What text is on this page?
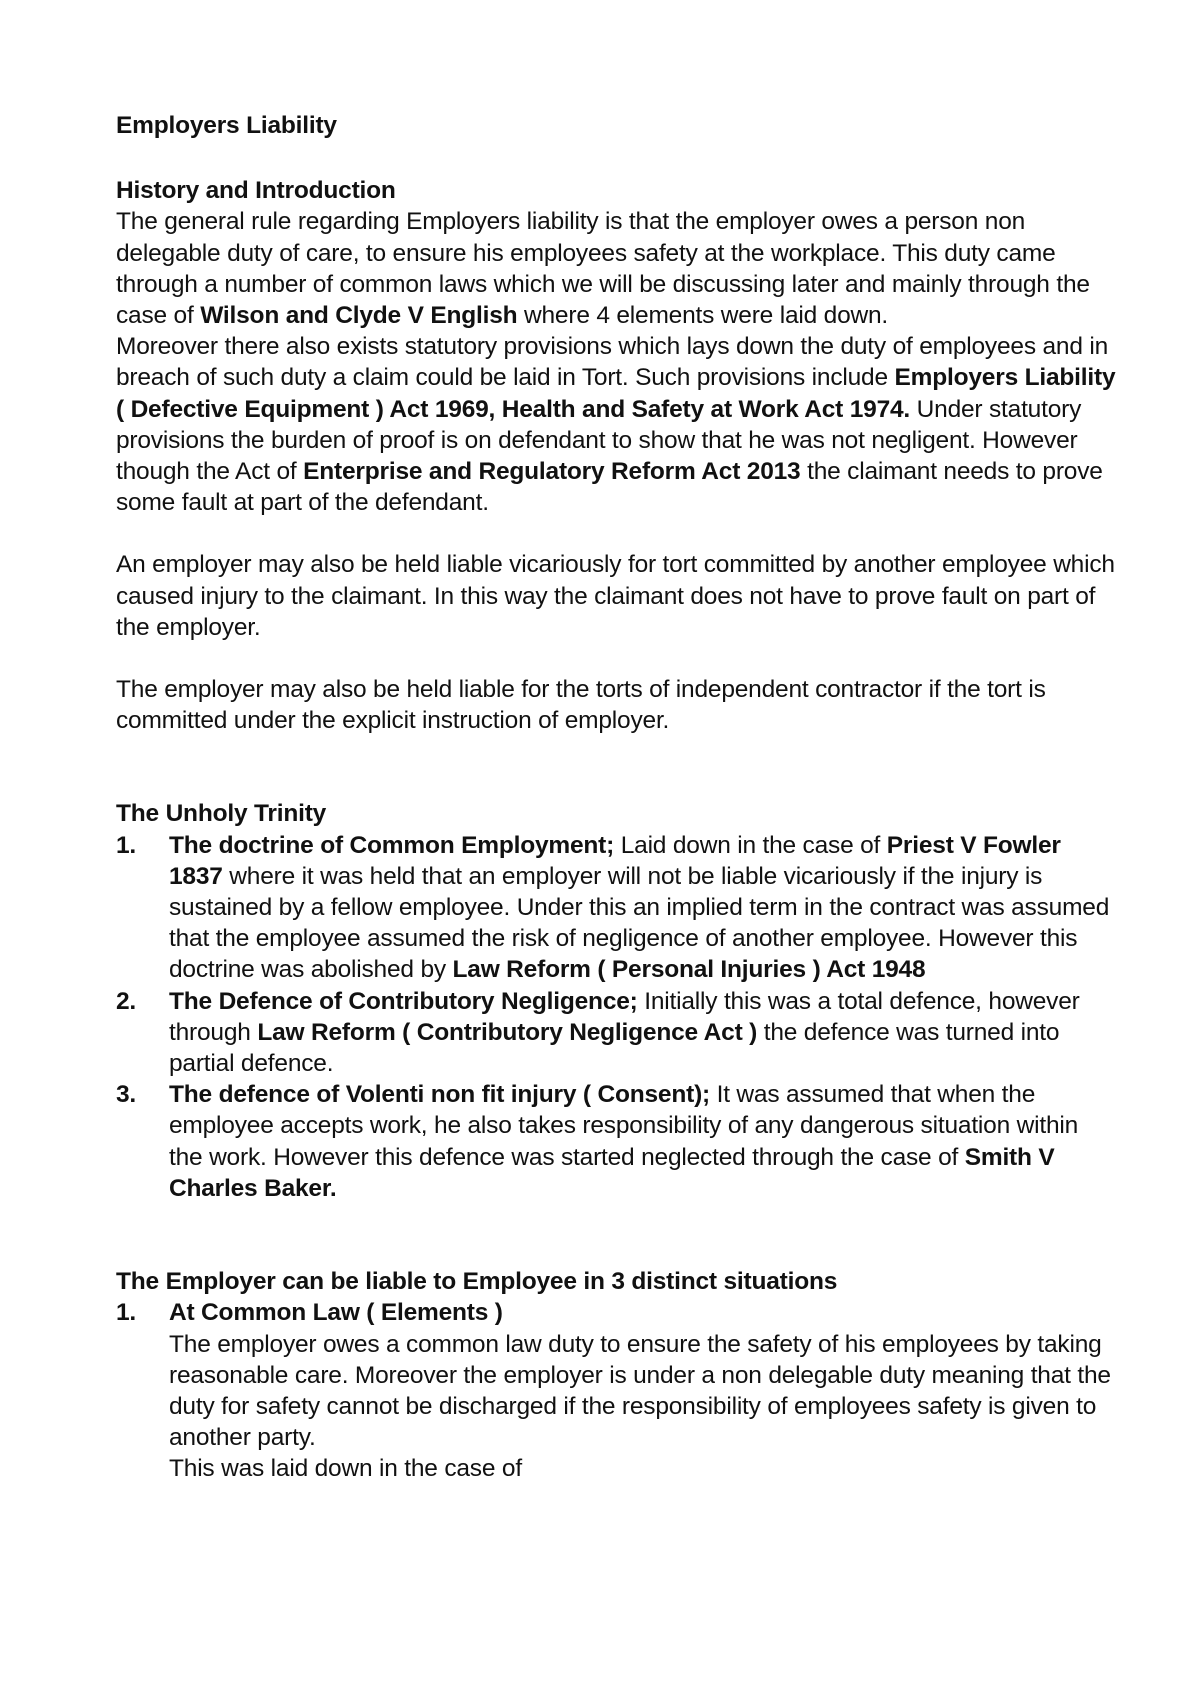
Employers Liability

History and Introduction

The general rule regarding Employers liability is that the employer owes a person non delegable duty of care, to ensure his employees safety at the workplace. This duty came through a number of common laws which we will be discussing later and mainly through the case of Wilson and Clyde V English where 4 elements were laid down.

Moreover there also exists statutory provisions which lays down the duty of employees and in breach of such duty a claim could be laid in Tort. Such provisions include Employers Liability ( Defective Equipment ) Act 1969, Health and Safety at Work Act 1974. Under statutory provisions the burden of proof is on defendant to show that he was not negligent. However though the Act of Enterprise and Regulatory Reform Act 2013 the claimant needs to prove some fault at part of the defendant.

An employer may also be held liable vicariously for tort committed by another employee which caused injury to the claimant. In this way the claimant does not have to prove fault on part of the employer.

The employer may also be held liable for the torts of independent contractor if the tort is committed under the explicit instruction of employer.

The Unholy Trinity

1. The doctrine of Common Employment; Laid down in the case of Priest V Fowler 1837 where it was held that an employer will not be liable vicariously if the injury is sustained by a fellow employee. Under this an implied term in the contract was assumed that the employee assumed the risk of negligence of another employee. However this doctrine was abolished by Law Reform ( Personal Injuries ) Act 1948
2. The Defence of Contributory Negligence; Initially this was a total defence, however through Law Reform ( Contributory Negligence Act ) the defence was turned into partial defence.
3. The defence of Volenti non fit injury ( Consent); It was assumed that when the employee accepts work, he also takes responsibility of any dangerous situation within the work. However this defence was started neglected through the case of Smith V Charles Baker.

The Employer can be liable to Employee in 3 distinct situations

1. At Common Law ( Elements )

The employer owes a common law duty to ensure the safety of his employees by taking reasonable care. Moreover the employer is under a non delegable duty meaning that the duty for safety cannot be discharged if the responsibility of employees safety is given to another party.

This was laid down in the case of
